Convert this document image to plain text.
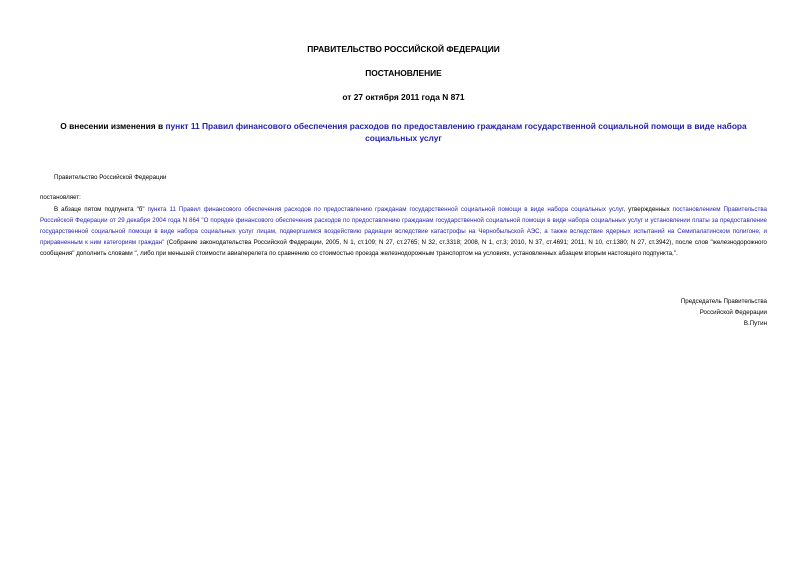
ПРАВИТЕЛЬСТВО РОССИЙСКОЙ ФЕДЕРАЦИИ
ПОСТАНОВЛЕНИЕ
от 27 октября 2011 года N 871
О внесении изменения в пункт 11 Правил финансового обеспечения расходов по предоставлению гражданам государственной социальной помощи в виде набора социальных услуг
Правительство Российской Федерации
постановляет:
В абзаце пятом подпункта "б" пункта 11 Правил финансового обеспечения расходов по предоставлению гражданам государственной социальной помощи в виде набора социальных услуг, утвержденных постановлением Правительства Российской Федерации от 29 декабря 2004 года N 864 "О порядке финансового обеспечения расходов по предоставлению гражданам государственной социальной помощи в виде набора социальных услуг и установлении платы за предоставление государственной социальной помощи в виде набора социальных услуг лицам, подвергшимся воздействию радиации вследствие катастрофы на Чернобыльской АЭС, а также вследствие ядерных испытаний на Семипалатинском полигоне, и приравненным к ним категориям граждан" (Собрание законодательства Российской Федерации, 2005, N 1, ст.109; N 27, ст.2765; N 32, ст.3318; 2008, N 1, ст.3; 2010, N 37, ст.4691; 2011, N 10, ст.1380; N 27, ст.3942), после слов "железнодорожного сообщения" дополнить словами ", либо при меньшей стоимости авиаперелета по сравнению со стоимостью проезда железнодорожным транспортом на условиях, установленных абзацем вторым настоящего подпункта,".
Председатель Правительства
Российской Федерации
В.Путин
